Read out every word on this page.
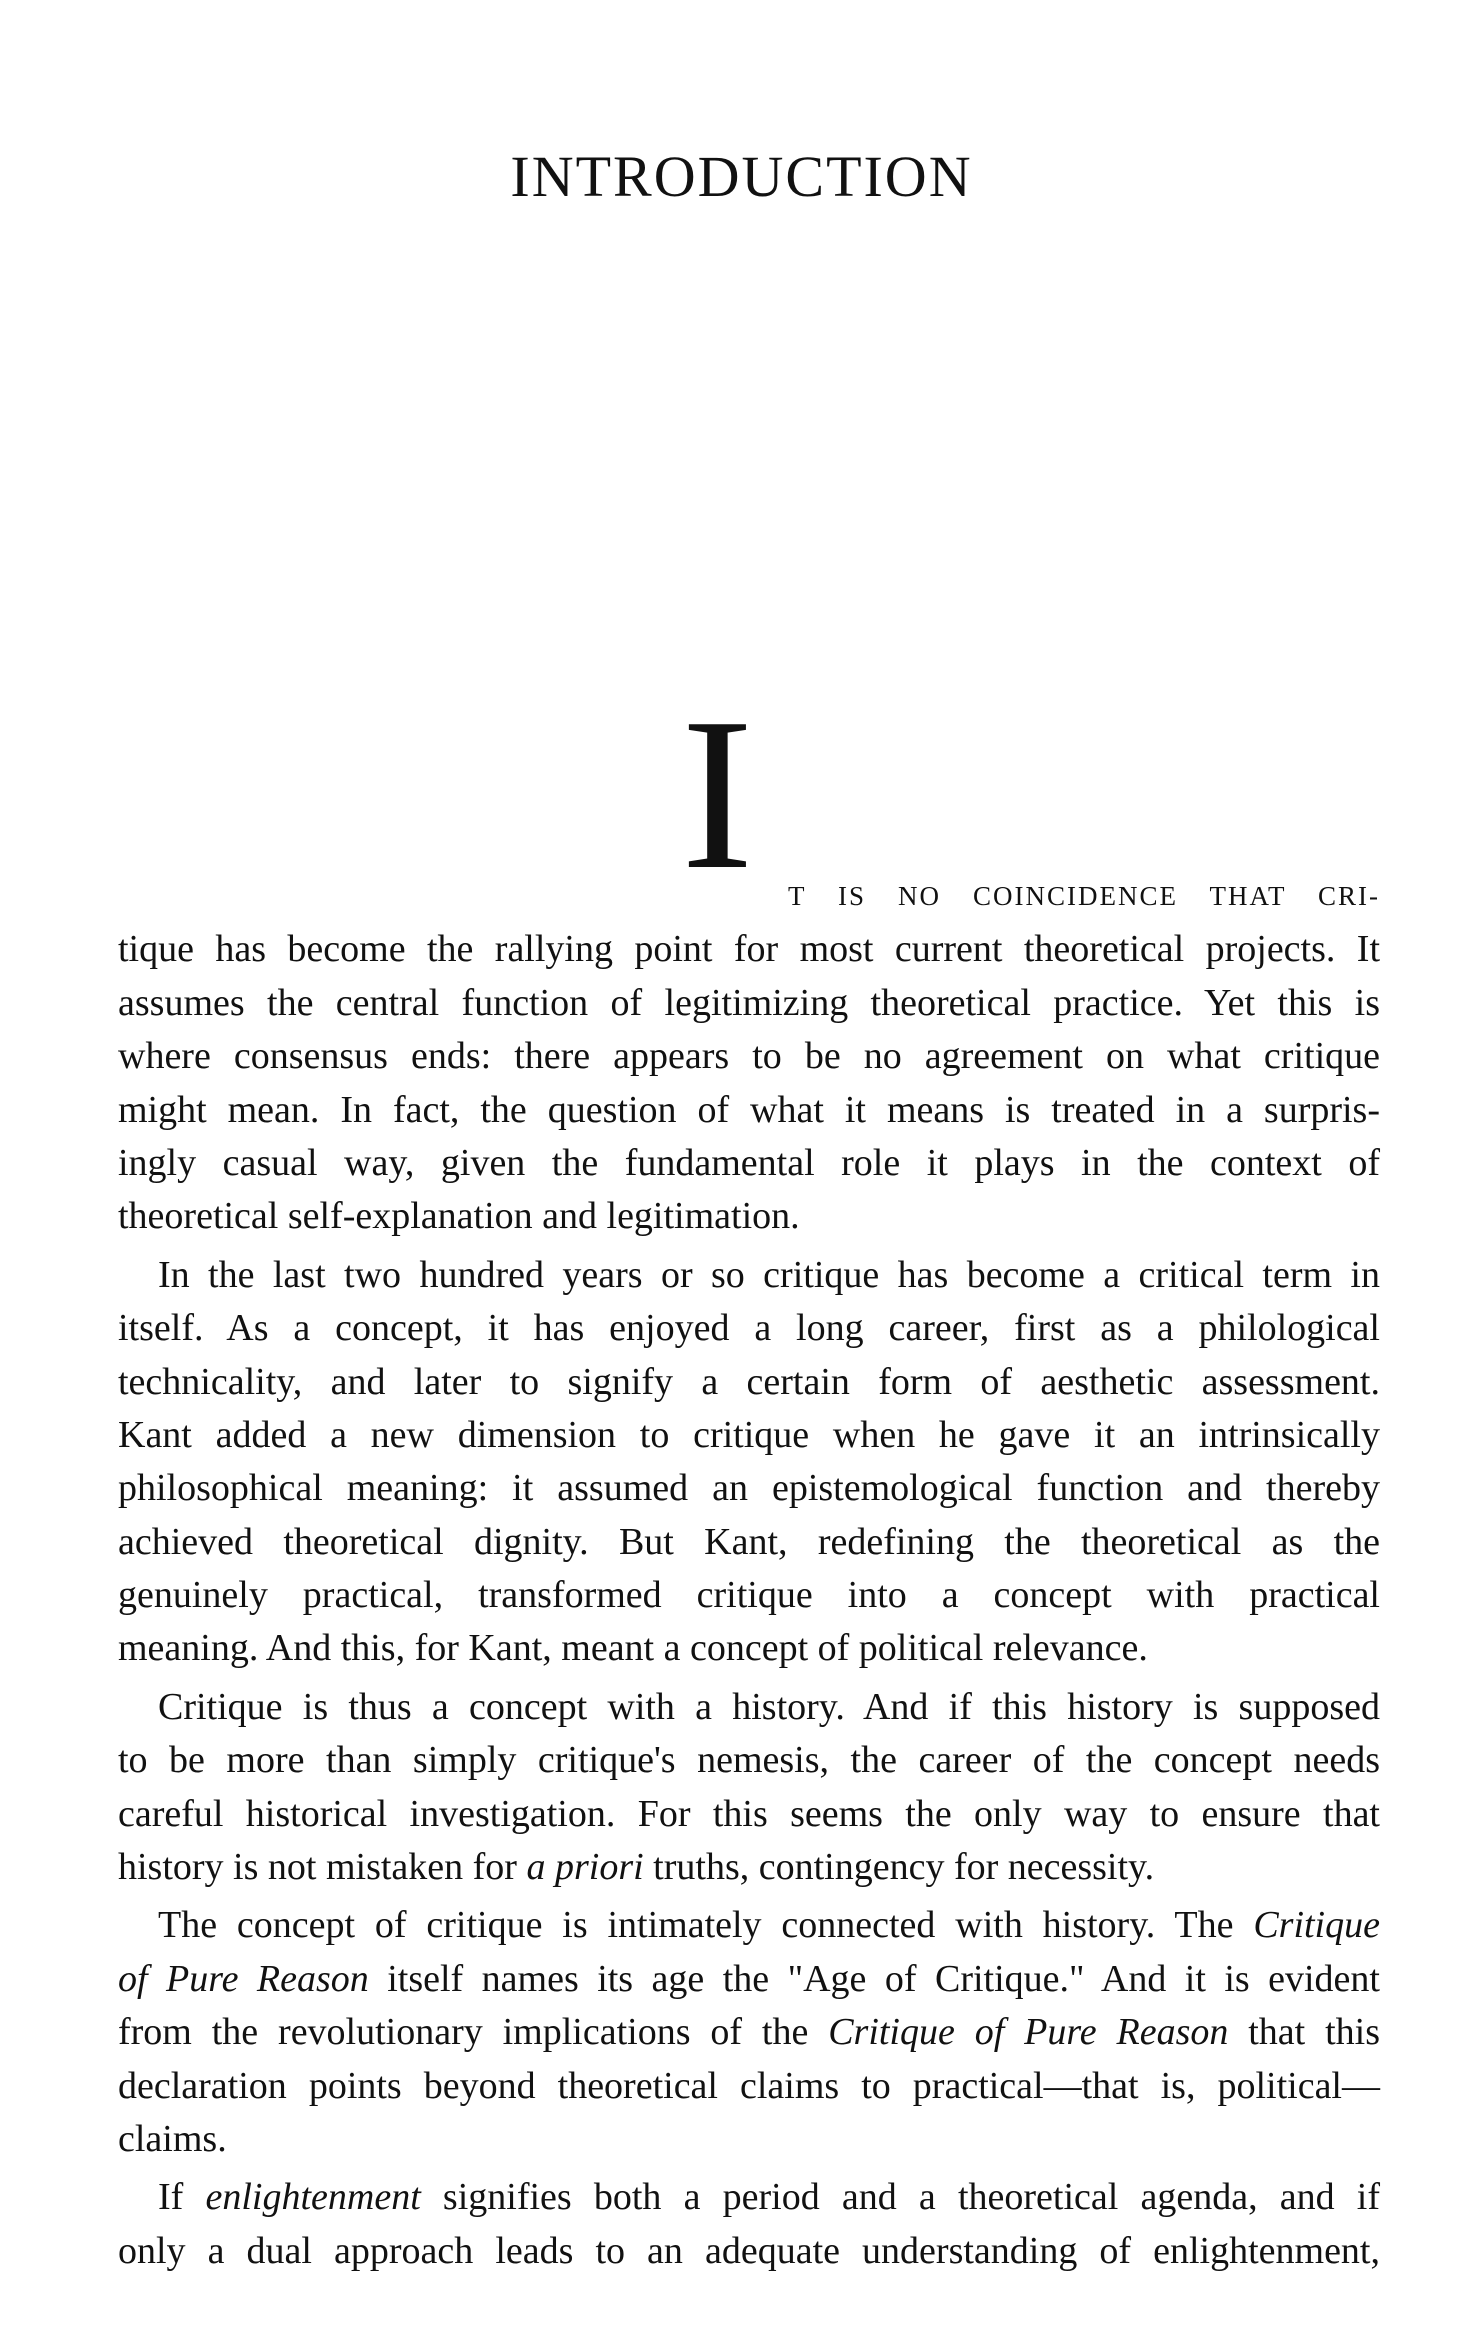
INTRODUCTION
I T IS NO COINCIDENCE THAT CRI-
tique has become the rallying point for most current theoretical projects. It
assumes the central function of legitimizing theoretical practice. Yet this is
where consensus ends: there appears to be no agreement on what critique
might mean. In fact, the question of what it means is treated in a surpris-
ingly casual way, given the fundamental role it plays in the context of
theoretical self-explanation and legitimation.
In the last two hundred years or so critique has become a critical term in
itself. As a concept, it has enjoyed a long career, first as a philological
technicality, and later to signify a certain form of aesthetic assessment.
Kant added a new dimension to critique when he gave it an intrinsically
philosophical meaning: it assumed an epistemological function and thereby
achieved theoretical dignity. But Kant, redefining the theoretical as the
genuinely practical, transformed critique into a concept with practical
meaning. And this, for Kant, meant a concept of political relevance.
Critique is thus a concept with a history. And if this history is supposed
to be more than simply critique's nemesis, the career of the concept needs
careful historical investigation. For this seems the only way to ensure that
history is not mistaken for a priori truths, contingency for necessity.
The concept of critique is intimately connected with history. The Critique
of Pure Reason itself names its age the "Age of Critique." And it is evident
from the revolutionary implications of the Critique of Pure Reason that this
declaration points beyond theoretical claims to practical—that is, political—
claims.
If enlightenment signifies both a period and a theoretical agenda, and if
only a dual approach leads to an adequate understanding of enlightenment,
